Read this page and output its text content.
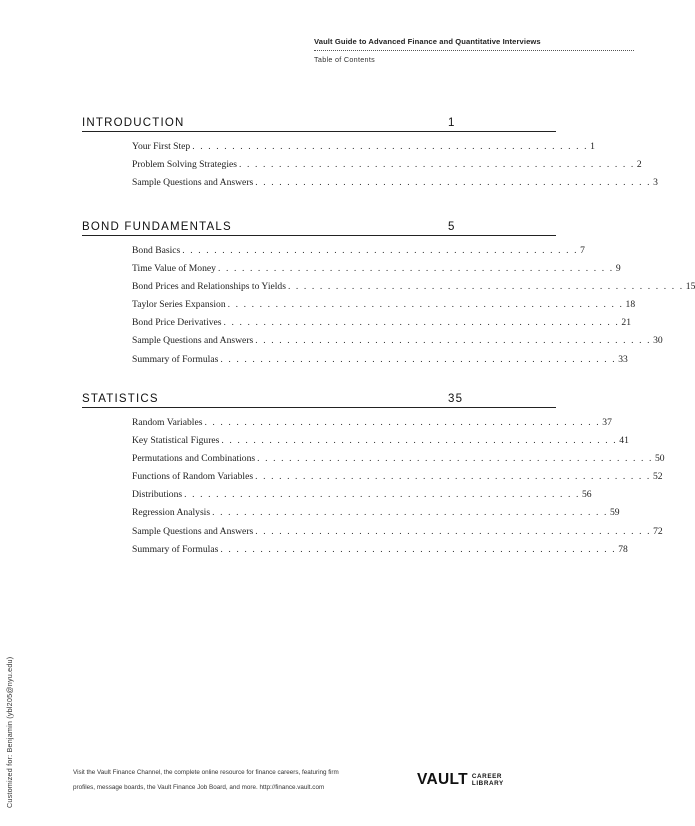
Vault Guide to Advanced Finance and Quantitative Interviews
Table of Contents
INTRODUCTION	1
Your First Step . . . . . . . . . . . . . . . . . . . . . . . . . . . . . . . . . . . . . . . . . . . . . . . . . . 1
Problem Solving Strategies . . . . . . . . . . . . . . . . . . . . . . . . . . . . . . . . . . . . . . . . . . . . . . . . . . 2
Sample Questions and Answers . . . . . . . . . . . . . . . . . . . . . . . . . . . . . . . . . . . . . . . . . . . . . . . . . . 3
BOND FUNDAMENTALS	5
Bond Basics . . . . . . . . . . . . . . . . . . . . . . . . . . . . . . . . . . . . . . . . . . . . . . . . . . 7
Time Value of Money . . . . . . . . . . . . . . . . . . . . . . . . . . . . . . . . . . . . . . . . . . . . . . . . . . 9
Bond Prices and Relationships to Yields . . . . . . . . . . . . . . . . . . . . . . . . . . . . . . . . . . . . . . . . . . . . . . . . . . 15
Taylor Series Expansion . . . . . . . . . . . . . . . . . . . . . . . . . . . . . . . . . . . . . . . . . . . . . . . . . . 18
Bond Price Derivatives . . . . . . . . . . . . . . . . . . . . . . . . . . . . . . . . . . . . . . . . . . . . . . . . . . 21
Sample Questions and Answers . . . . . . . . . . . . . . . . . . . . . . . . . . . . . . . . . . . . . . . . . . . . . . . . . . 30
Summary of Formulas . . . . . . . . . . . . . . . . . . . . . . . . . . . . . . . . . . . . . . . . . . . . . . . . . . 33
STATISTICS	35
Random Variables . . . . . . . . . . . . . . . . . . . . . . . . . . . . . . . . . . . . . . . . . . . . . . . . . . 37
Key Statistical Figures . . . . . . . . . . . . . . . . . . . . . . . . . . . . . . . . . . . . . . . . . . . . . . . . . . 41
Permutations and Combinations . . . . . . . . . . . . . . . . . . . . . . . . . . . . . . . . . . . . . . . . . . . . . . . . . . 50
Functions of Random Variables . . . . . . . . . . . . . . . . . . . . . . . . . . . . . . . . . . . . . . . . . . . . . . . . . . 52
Distributions . . . . . . . . . . . . . . . . . . . . . . . . . . . . . . . . . . . . . . . . . . . . . . . . . . 56
Regression Analysis . . . . . . . . . . . . . . . . . . . . . . . . . . . . . . . . . . . . . . . . . . . . . . . . . . 59
Sample Questions and Answers . . . . . . . . . . . . . . . . . . . . . . . . . . . . . . . . . . . . . . . . . . . . . . . . . . 72
Summary of Formulas . . . . . . . . . . . . . . . . . . . . . . . . . . . . . . . . . . . . . . . . . . . . . . . . . . 78
Customized for: Benjamin (ybl205@nyu.edu)	Visit the Vault Finance Channel, the complete online resource for finance careers, featuring firm
profiles, message boards, the Vault Finance Job Board, and more. http://finance.vault.com	VAULT CAREER
LIBRARY
